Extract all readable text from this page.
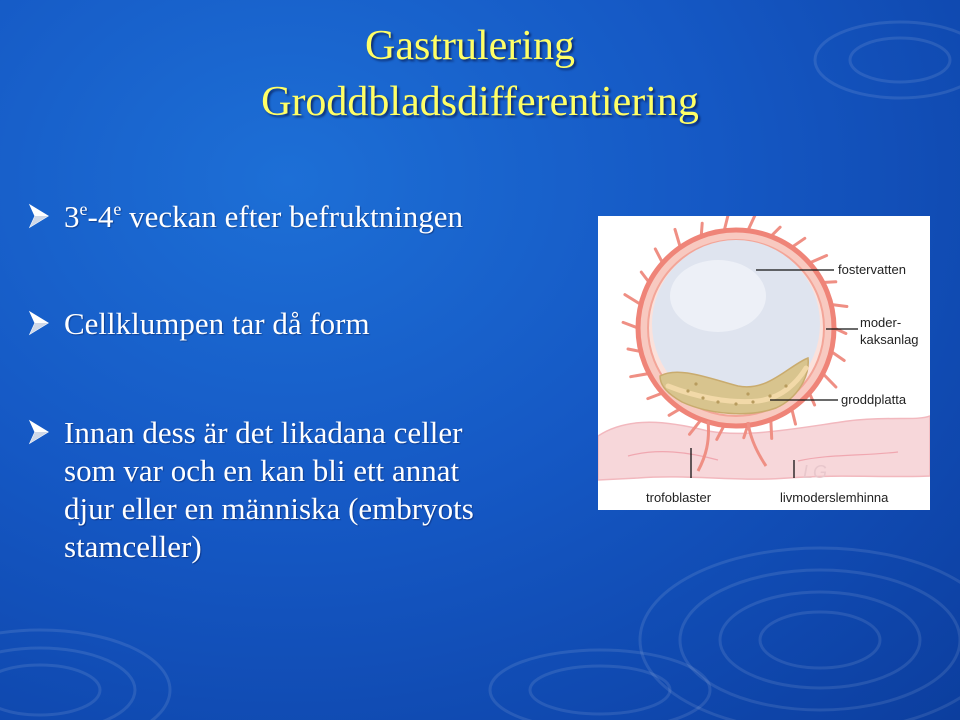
Gastrulering
Groddbladsdifferentiering
3e-4e veckan efter befruktningen
Cellklumpen tar då form
Innan dess är det likadana celler
som var och en kan bli ett annat
djur eller en människa (embryots
stamceller)
LG
fostervatten
moder-
kaksanlag
groddplatta
trofoblaster	livmoderslemhinna
